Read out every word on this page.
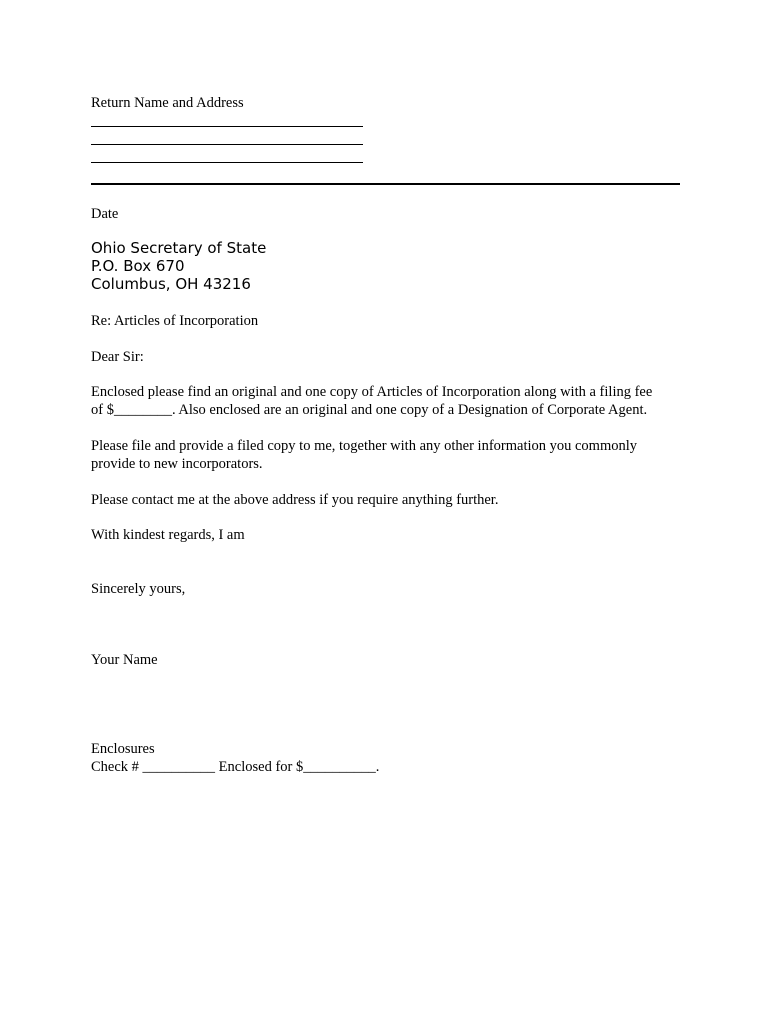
Return Name and Address
Date
Ohio Secretary of State
P.O. Box 670
Columbus, OH 43216
Re: Articles of Incorporation
Dear Sir:
Enclosed please find an original and one copy of Articles of Incorporation along with a filing fee
of $________. Also enclosed are an original and one copy of a Designation of Corporate Agent.
Please file and provide a filed copy to me, together with any other information you commonly
provide to new incorporators.
Please contact me at the above address if you require anything further.
With kindest regards, I am
Sincerely yours,
Your Name
Enclosures
Check # __________ Enclosed for $__________.
